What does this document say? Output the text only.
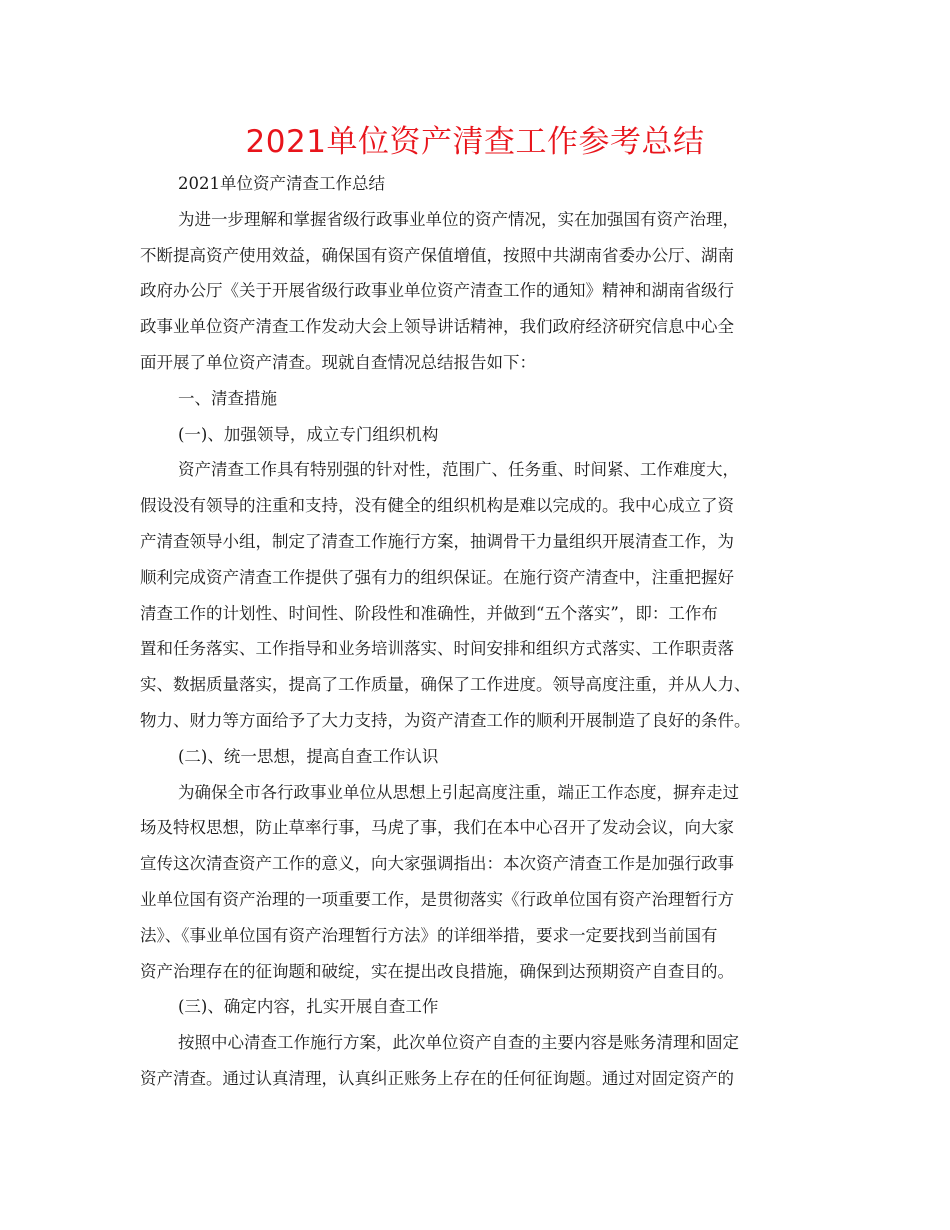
2021单位资产清查工作参考总结
2021单位资产清查工作总结
为进一步理解和掌握省级行政事业单位的资产情况，实在加强国有资产治理，
不断提高资产使用效益，确保国有资产保值增值，按照中共湖南省委办公厅、湖南
政府办公厅《关于开展省级行政事业单位资产清查工作的通知》精神和湖南省级行
政事业单位资产清查工作发动大会上领导讲话精神，我们政府经济研究信息中心全
面开展了单位资产清查。现就自查情况总结报告如下：
一、清查措施
(一)、加强领导，成立专门组织机构
资产清查工作具有特别强的针对性，范围广、任务重、时间紧、工作难度大，
假设没有领导的注重和支持，没有健全的组织机构是难以完成的。我中心成立了资
产清查领导小组，制定了清查工作施行方案，抽调骨干力量组织开展清查工作，为
顺利完成资产清查工作提供了强有力的组织保证。在施行资产清查中，注重把握好
清查工作的计划性、时间性、阶段性和准确性，并做到“五个落实”，即：工作布
置和任务落实、工作指导和业务培训落实、时间安排和组织方式落实、工作职责落
实、数据质量落实，提高了工作质量，确保了工作进度。领导高度注重，并从人力、
物力、财力等方面给予了大力支持，为资产清查工作的顺利开展制造了良好的条件。
(二)、统一思想，提高自查工作认识
为确保全市各行政事业单位从思想上引起高度注重，端正工作态度，摒弃走过
场及特权思想，防止草率行事，马虎了事，我们在本中心召开了发动会议，向大家
宣传这次清查资产工作的意义，向大家强调指出：本次资产清查工作是加强行政事
业单位国有资产治理的一项重要工作，是贯彻落实《行政单位国有资产治理暂行方
法》、《事业单位国有资产治理暂行方法》的详细举措，要求一定要找到当前国有
资产治理存在的征询题和破绽，实在提出改良措施，确保到达预期资产自查目的。
(三)、确定内容，扎实开展自查工作
按照中心清查工作施行方案，此次单位资产自查的主要内容是账务清理和固定
资产清查。通过认真清理，认真纠正账务上存在的任何征询题。通过对固定资产的
